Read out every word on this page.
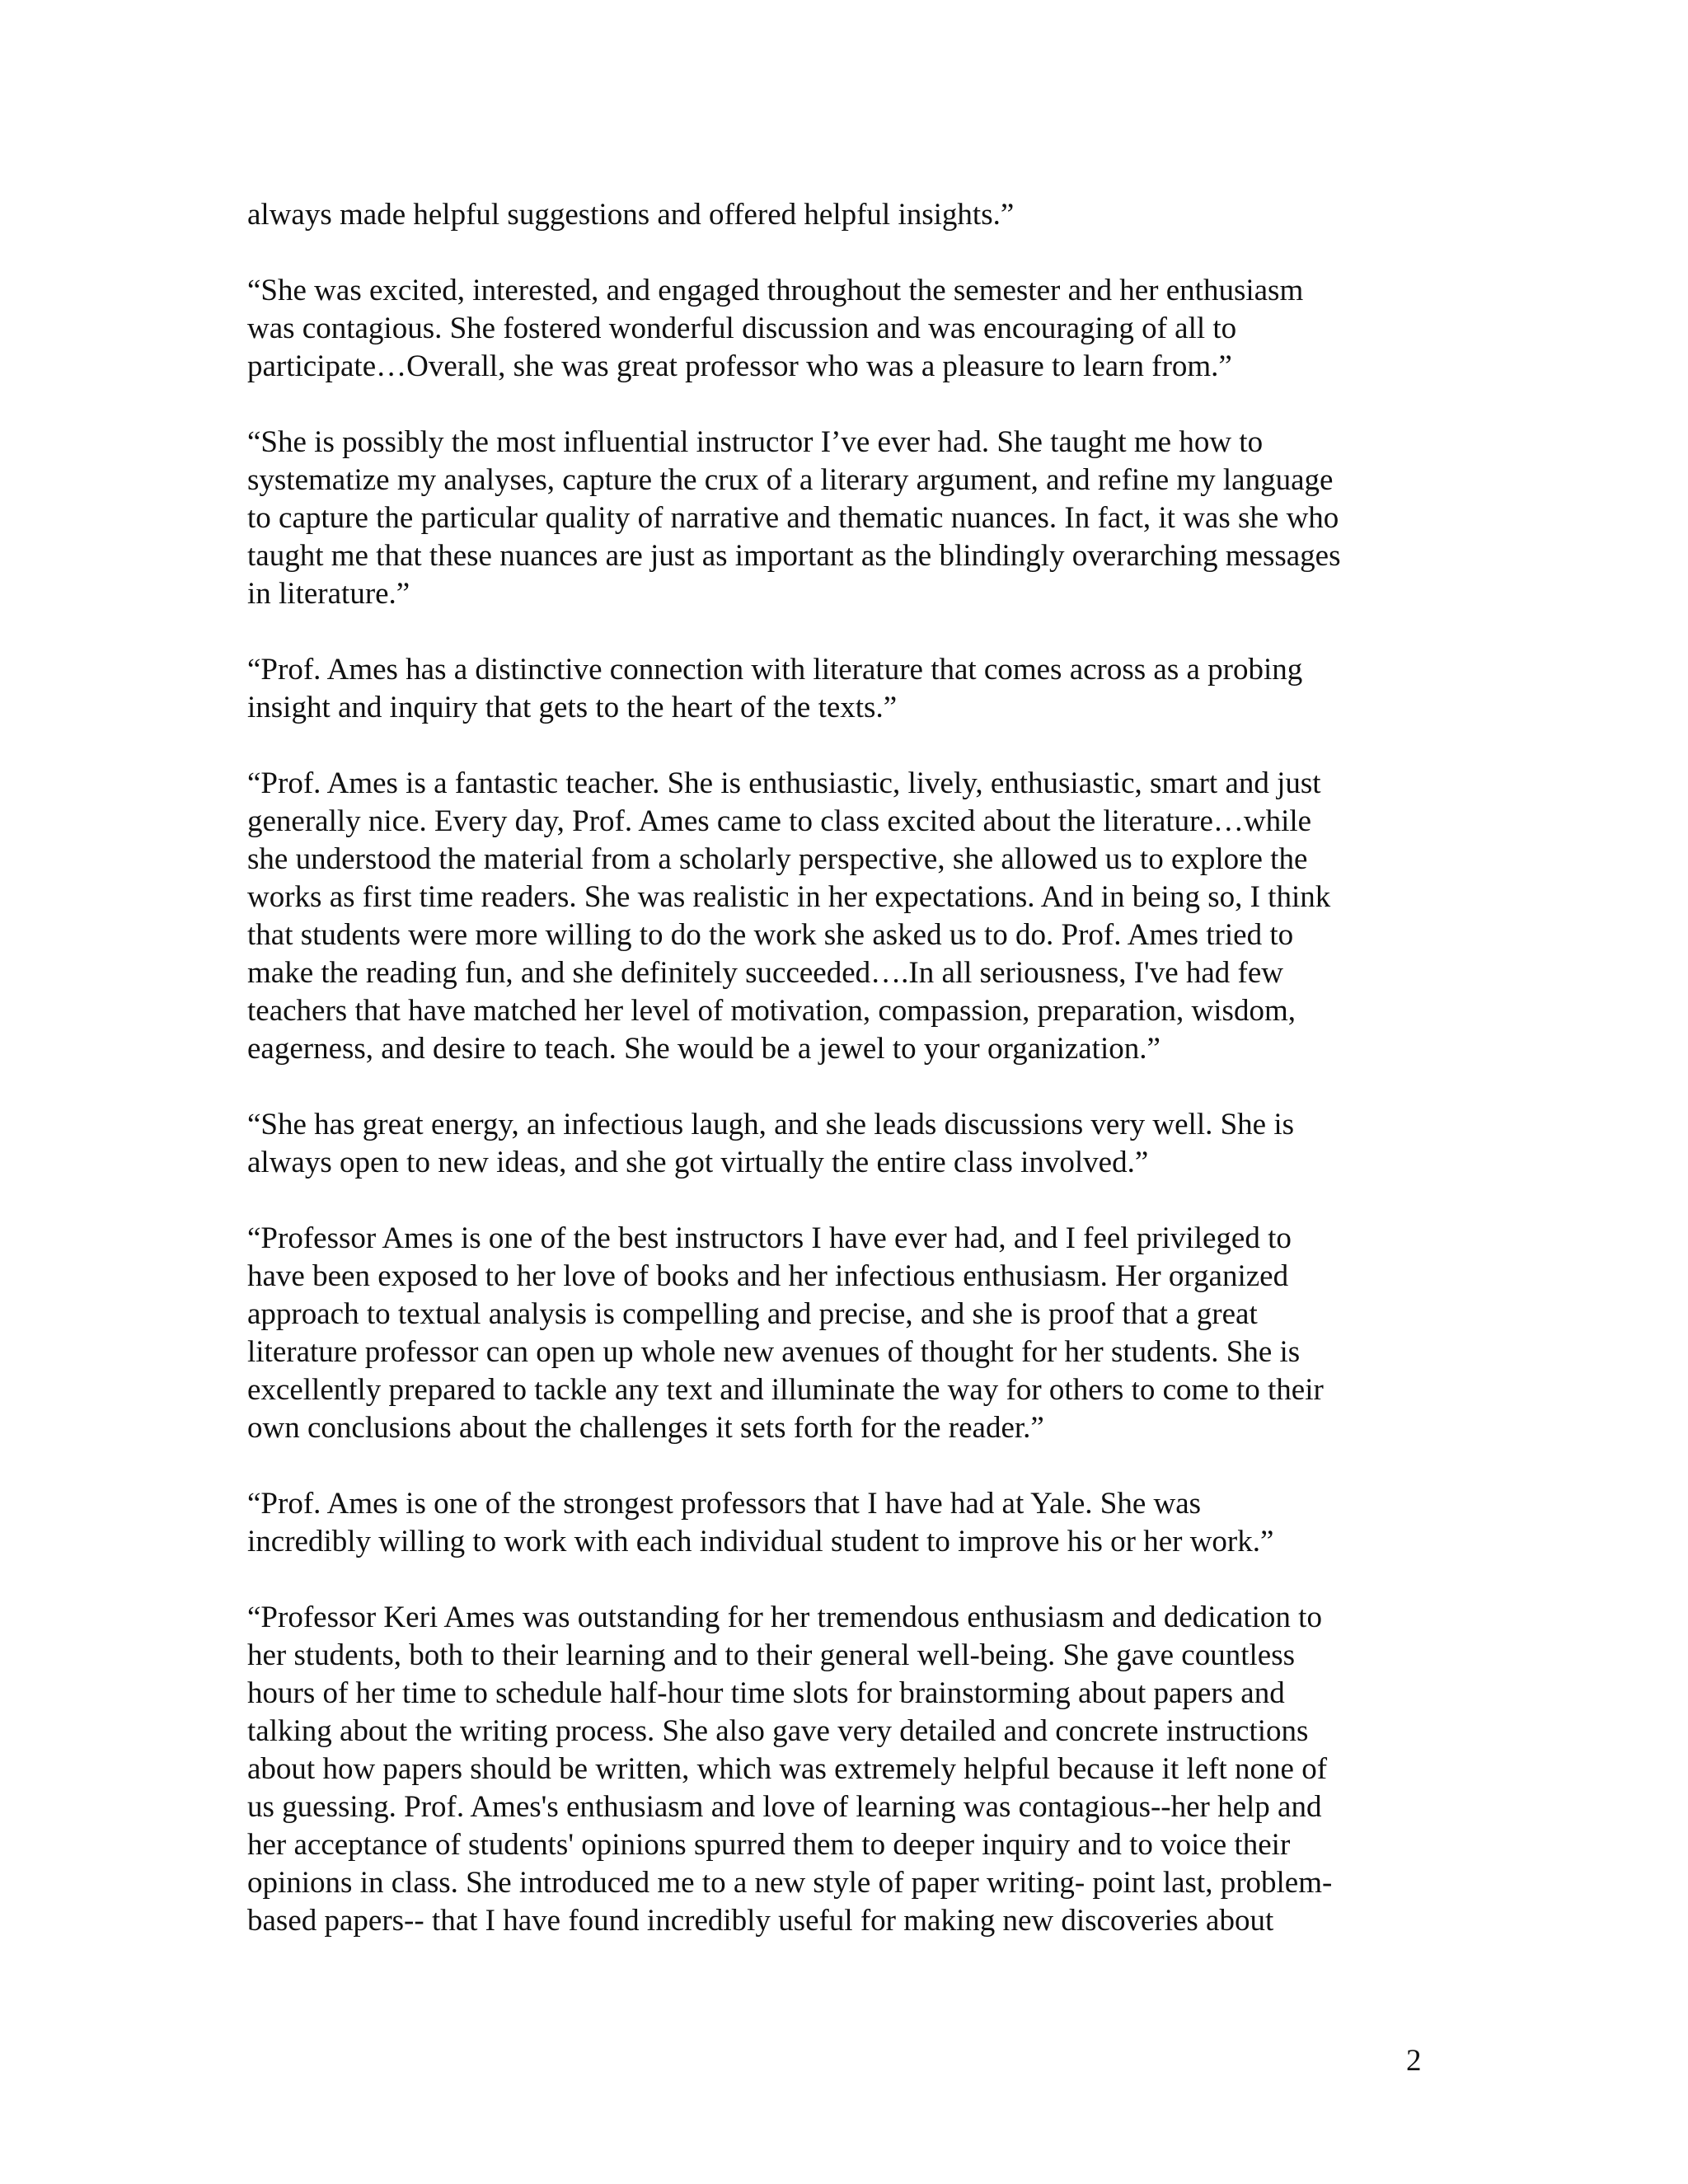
always made helpful suggestions and offered helpful insights.”

“She was excited, interested, and engaged throughout the semester and her enthusiasm
was contagious. She fostered wonderful discussion and was encouraging of all to
participate…Overall, she was great professor who was a pleasure to learn from.”

“She is possibly the most influential instructor I’ve ever had. She taught me how to
systematize my analyses, capture the crux of a literary argument, and refine my language
to capture the particular quality of narrative and thematic nuances. In fact, it was she who
taught me that these nuances are just as important as the blindingly overarching messages
in literature.”

“Prof. Ames has a distinctive connection with literature that comes across as a probing
insight and inquiry that gets to the heart of the texts.”

“Prof. Ames is a fantastic teacher. She is enthusiastic, lively, enthusiastic, smart and just
generally nice. Every day, Prof. Ames came to class excited about the literature…while
she understood the material from a scholarly perspective, she allowed us to explore the
works as first time readers. She was realistic in her expectations. And in being so, I think
that students were more willing to do the work she asked us to do. Prof. Ames tried to
make the reading fun, and she definitely succeeded….In all seriousness, I've had few
teachers that have matched her level of motivation, compassion, preparation, wisdom,
eagerness, and desire to teach. She would be a jewel to your organization.”

“She has great energy, an infectious laugh, and she leads discussions very well. She is
always open to new ideas, and she got virtually the entire class involved.”

“Professor Ames is one of the best instructors I have ever had, and I feel privileged to
have been exposed to her love of books and her infectious enthusiasm. Her organized
approach to textual analysis is compelling and precise, and she is proof that a great
literature professor can open up whole new avenues of thought for her students. She is
excellently prepared to tackle any text and illuminate the way for others to come to their
own conclusions about the challenges it sets forth for the reader.”

“Prof. Ames is one of the strongest professors that I have had at Yale. She was
incredibly willing to work with each individual student to improve his or her work.”

“Professor Keri Ames was outstanding for her tremendous enthusiasm and dedication to
her students, both to their learning and to their general well-being. She gave countless
hours of her time to schedule half-hour time slots for brainstorming about papers and
talking about the writing process. She also gave very detailed and concrete instructions
about how papers should be written, which was extremely helpful because it left none of
us guessing. Prof. Ames's enthusiasm and love of learning was contagious--her help and
her acceptance of students' opinions spurred them to deeper inquiry and to voice their
opinions in class. She introduced me to a new style of paper writing- point last, problem-
based papers-- that I have found incredibly useful for making new discoveries about

2
